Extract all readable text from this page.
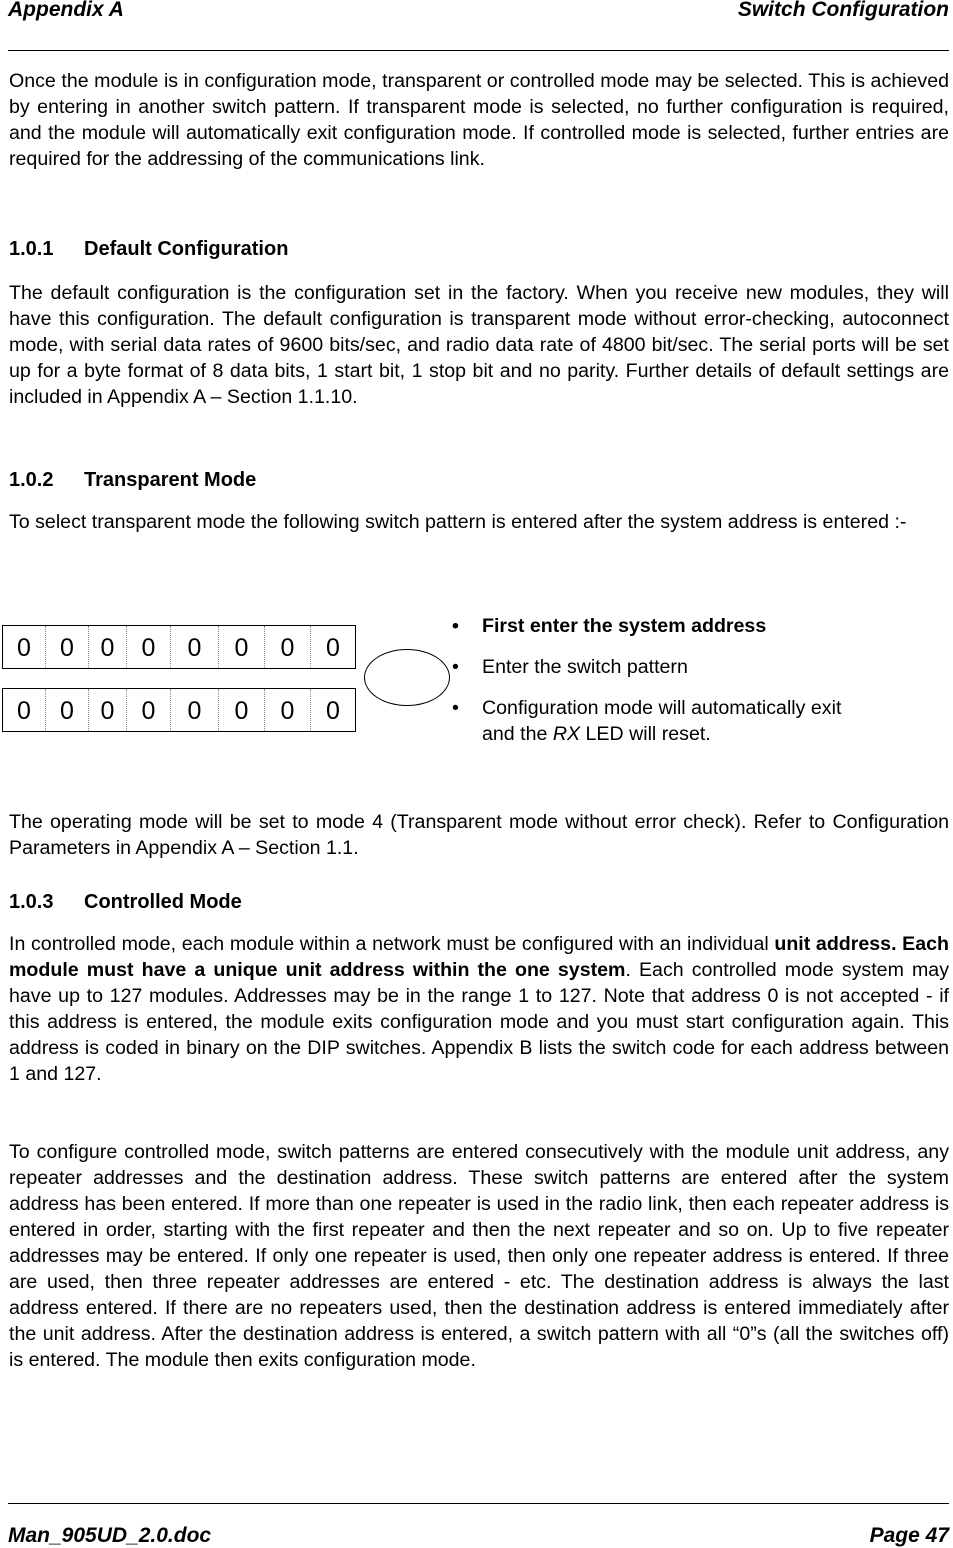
Appendix A	Switch Configuration

Once the module is in configuration mode, transparent or controlled mode may be selected. This is achieved by entering in another switch pattern. If transparent mode is selected, no further configuration is required, and the module will automatically exit configuration mode. If controlled mode is selected, further entries are required for the addressing of the communications link.

1.0.1 Default Configuration

The default configuration is the configuration set in the factory. When you receive new modules, they will have this configuration. The default configuration is transparent mode without error-checking, autoconnect mode, with serial data rates of 9600 bits/sec, and radio data rate of 4800 bit/sec. The serial ports will be set up for a byte format of 8 data bits, 1 start bit, 1 stop bit and no parity. Further details of default settings are included in Appendix A – Section 1.1.10.

1.0.2 Transparent Mode

To select transparent mode the following switch pattern is entered after the system address is entered :-

0	0	0	0	0	0	0	0
0	0	0	0	0	0	0	0
• First enter the system address
• Enter the switch pattern
• Configuration mode will automatically exit and the RX LED will reset.

The operating mode will be set to mode 4 (Transparent mode without error check). Refer to Configuration Parameters in Appendix A – Section 1.1.

1.0.3 Controlled Mode

In controlled mode, each module within a network must be configured with an individual unit address. Each module must have a unique unit address within the one system. Each controlled mode system may have up to 127 modules. Addresses may be in the range 1 to 127. Note that address 0 is not accepted - if this address is entered, the module exits configuration mode and you must start configuration again. This address is coded in binary on the DIP switches. Appendix B lists the switch code for each address between 1 and 127.

To configure controlled mode, switch patterns are entered consecutively with the module unit address, any repeater addresses and the destination address. These switch patterns are entered after the system address has been entered. If more than one repeater is used in the radio link, then each repeater address is entered in order, starting with the first repeater and then the next repeater and so on. Up to five repeater addresses may be entered. If only one repeater is used, then only one repeater address is entered. If three are used, then three repeater addresses are entered - etc. The destination address is always the last address entered. If there are no repeaters used, then the destination address is entered immediately after the unit address. After the destination address is entered, a switch pattern with all “0”s (all the switches off) is entered. The module then exits configuration mode.

Man_905UD_2.0.doc	Page 47
